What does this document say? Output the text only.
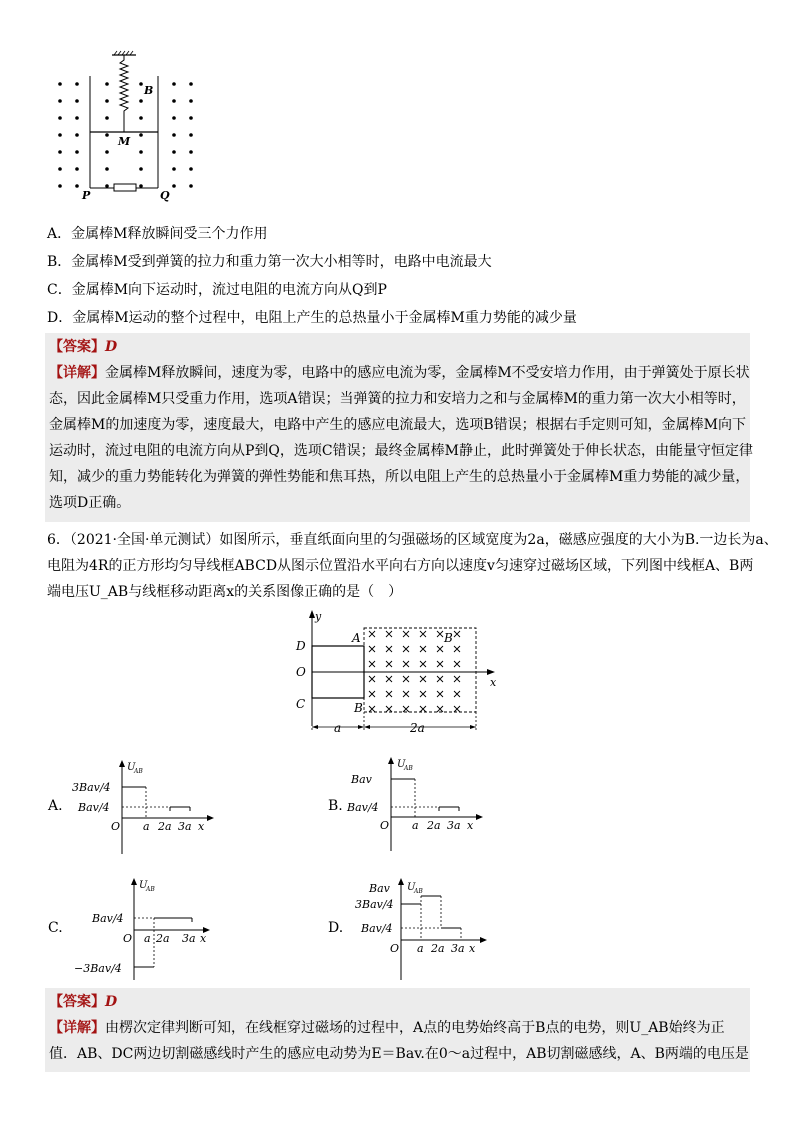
B
M
P	Q
A．金属棒M释放瞬间受三个力作用
B．金属棒M受到弹簧的拉力和重力第一次大小相等时，电路中电流最大
C．金属棒M向下运动时，流过电阻的电流方向从Q到P
D．金属棒M运动的整个过程中，电阻上产生的总热量小于金属棒M重力势能的减少量
【答案】D
【详解】金属棒M释放瞬间，速度为零，电路中的感应电流为零，金属棒M不受安培力作用，由于弹簧处于原长状
态，因此金属棒M只受重力作用，选项A错误；当弹簧的拉力和安培力之和与金属棒M的重力第一次大小相等时，
金属棒M的加速度为零，速度最大，电路中产生的感应电流最大，选项B错误；根据右手定则可知，金属棒M向下
运动时，流过电阻的电流方向从P到Q，选项C错误；最终金属棒M静止，此时弹簧处于伸长状态，由能量守恒定律
知，减少的重力势能转化为弹簧的弹性势能和焦耳热，所以电阻上产生的总热量小于金属棒M重力势能的减少量，
选项D正确。
6．（2021·全国·单元测试）如图所示，垂直纸面向里的匀强磁场的区域宽度为2a，磁感应强度的大小为B.一边长为a、
电阻为4R的正方形均匀导线框ABCD从图示位置沿水平向右方向以速度v匀速穿过磁场区域，下列图中线框A、B两
端电压U_AB与线框移动距离x的关系图像正确的是（　）
y
x
D
A
O
C	B
B
a	2a
A.
U
AB
3Bav/4
Bav/4
O a 2a 3a x
B.
U
AB
Bav
Bav/4
O a 2a 3a x
C.
U
AB
Bav/4
−3Bav/4
O a 2a 3a x
D.
U
AB
Bav
3Bav/4
Bav/4
O a 2a 3a x
【答案】D
【详解】由楞次定律判断可知，在线框穿过磁场的过程中，A点的电势始终高于B点的电势，则U_AB始终为正
值．AB、DC两边切割磁感线时产生的感应电动势为E＝Bav.在0～a过程中，AB切割磁感线，A、B两端的电压是
